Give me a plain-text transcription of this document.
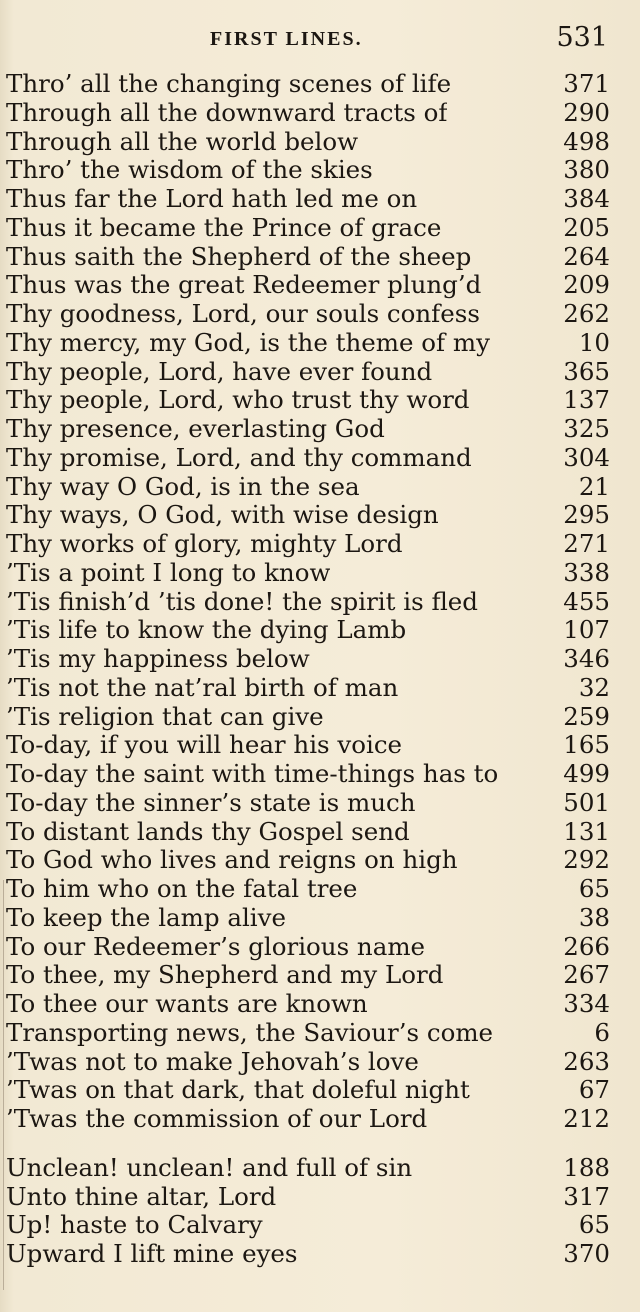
FIRST LINES.	531
Thro’ all the changing scenes of life	371
Through all the downward tracts of	290
Through all the world below	498
Thro’ the wisdom of the skies	380
Thus far the Lord hath led me on	384
Thus it became the Prince of grace	205
Thus saith the Shepherd of the sheep	264
Thus was the great Redeemer plung’d	209
Thy goodness, Lord, our souls confess	262
Thy mercy, my God, is the theme of my	10
Thy people, Lord, have ever found	365
Thy people, Lord, who trust thy word	137
Thy presence, everlasting God	325
Thy promise, Lord, and thy command	304
Thy way O God, is in the sea	21
Thy ways, O God, with wise design	295
Thy works of glory, mighty Lord	271
’Tis a point I long to know	338
’Tis finish’d ’tis done! the spirit is fled	455
’Tis life to know the dying Lamb	107
’Tis my happiness below	346
’Tis not the nat’ral birth of man	32
’Tis religion that can give	259
To-day, if you will hear his voice	165
To-day the saint with time-things has to	499
To-day the sinner’s state is much	501
To distant lands thy Gospel send	131
To God who lives and reigns on high	292
To him who on the fatal tree	65
To keep the lamp alive	38
To our Redeemer’s glorious name	266
To thee, my Shepherd and my Lord	267
To thee our wants are known	334
Transporting news, the Saviour’s come	6
’Twas not to make Jehovah’s love	263
’Twas on that dark, that doleful night	67
’Twas the commission of our Lord	212
Unclean! unclean! and full of sin	188
Unto thine altar, Lord	317
Up! haste to Calvary	65
Upward I lift mine eyes	370
